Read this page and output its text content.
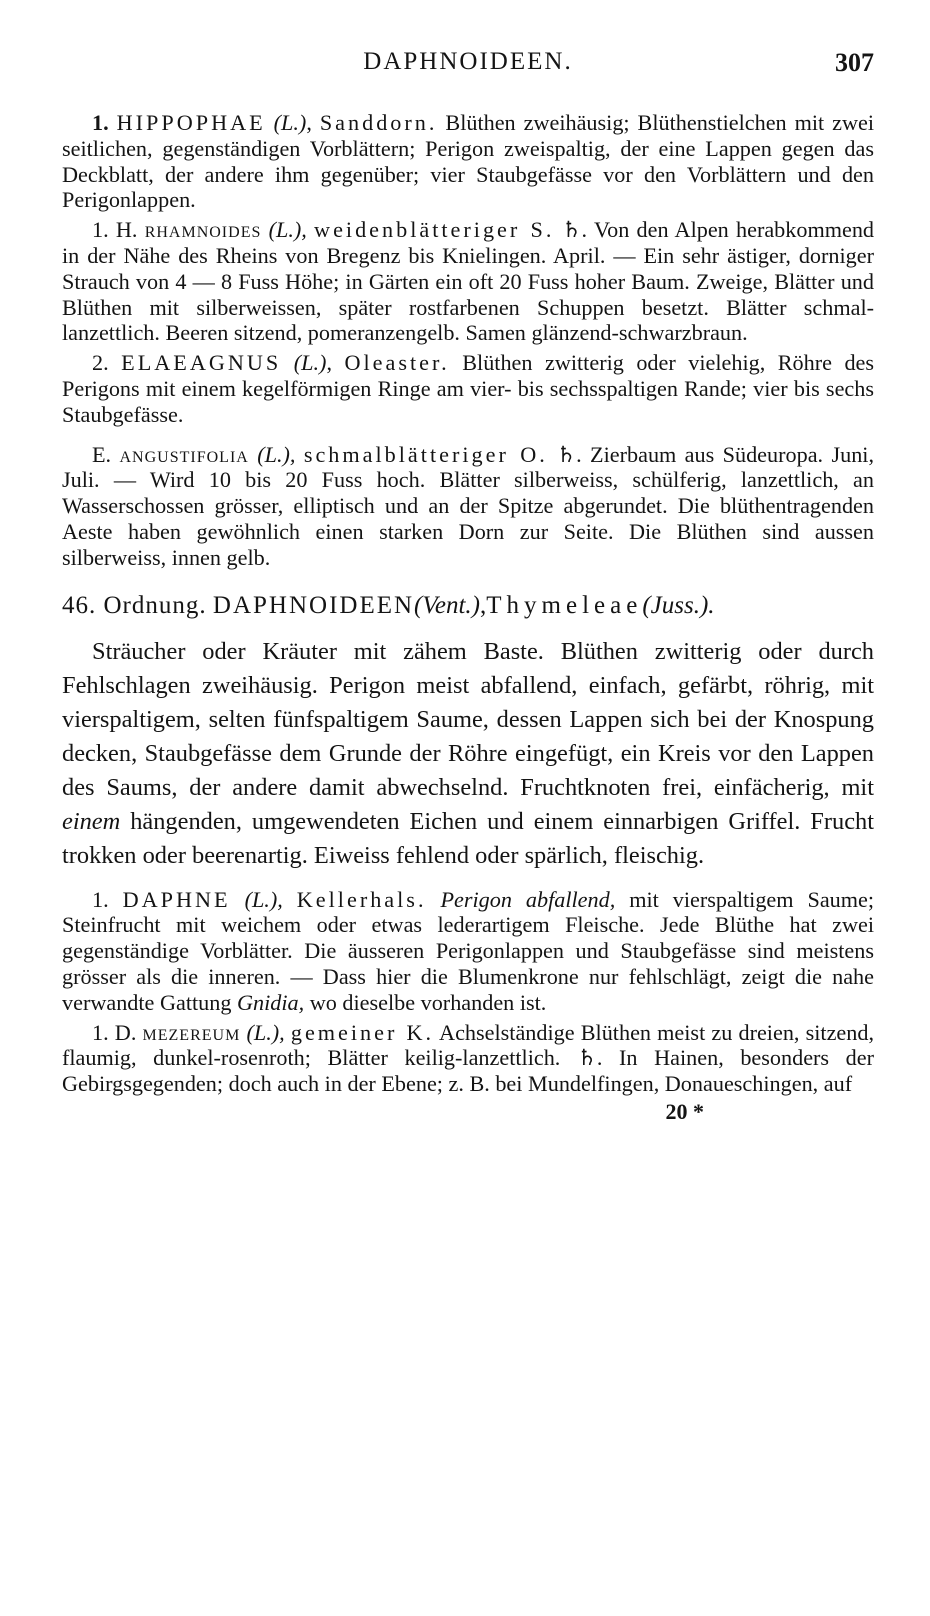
DAPHNOIDEEN.	307

1. HIPPOPHAE (L.), Sanddorn. Blüthen zweihäusig; Blüthenstielchen mit zwei seitlichen, gegenständigen Vorblättern; Perigon zweispaltig, der eine Lappen gegen das Deckblatt, der andere ihm gegenüber; vier Staubgefässe vor den Vorblättern und den Perigonlappen.

1. H. rhamnoides (L.), weidenblätteriger S. ♄. Von den Alpen herabkommend in der Nähe des Rheins von Bregenz bis Knielingen. April. — Ein sehr ästiger, dorniger Strauch von 4 — 8 Fuss Höhe; in Gärten ein oft 20 Fuss hoher Baum. Zweige, Blätter und Blüthen mit silberweissen, später rostfarbenen Schuppen besetzt. Blätter schmal-lanzettlich. Beeren sitzend, pomeranzengelb. Samen glänzend-schwarzbraun.

2. ELAEAGNUS (L.), Oleaster. Blüthen zwitterig oder vielehig, Röhre des Perigons mit einem kegelförmigen Ringe am vier- bis sechsspaltigen Rande; vier bis sechs Staubgefässe.

E. angustifolia (L.), schmalblätteriger O. ♄. Zierbaum aus Südeuropa. Juni, Juli. — Wird 10 bis 20 Fuss hoch. Blätter silberweiss, schülferig, lanzettlich, an Wasserschossen grösser, elliptisch und an der Spitze abgerundet. Die blüthentragenden Aeste haben gewöhnlich einen starken Dorn zur Seite. Die Blüthen sind aussen silberweiss, innen gelb.

46. Ordnung. DAPHNOIDEEN(Vent.),Thymeleae(Juss.).

Sträucher oder Kräuter mit zähem Baste. Blüthen zwitterig oder durch Fehlschlagen zweihäusig. Perigon meist abfallend, einfach, gefärbt, röhrig, mit vierspaltigem, selten fünfspaltigem Saume, dessen Lappen sich bei der Knospung decken, Staubgefässe dem Grunde der Röhre eingefügt, ein Kreis vor den Lappen des Saums, der andere damit abwechselnd. Fruchtknoten frei, einfächerig, mit einem hängenden, umgewendeten Eichen und einem einnarbigen Griffel. Frucht trokken oder beerenartig. Eiweiss fehlend oder spärlich, fleischig.

1. DAPHNE (L.), Kellerhals. Perigon abfallend, mit vierspaltigem Saume; Steinfrucht mit weichem oder etwas lederartigem Fleische. Jede Blüthe hat zwei gegenständige Vorblätter. Die äusseren Perigonlappen und Staubgefässe sind meistens grösser als die inneren. — Dass hier die Blumenkrone nur fehlschlägt, zeigt die nahe verwandte Gattung Gnidia, wo dieselbe vorhanden ist.

1. D. mezereum (L.), gemeiner K. Achselständige Blüthen meist zu dreien, sitzend, flaumig, dunkel-rosenroth; Blätter keilig-lanzettlich. ♄. In Hainen, besonders der Gebirgsgegenden; doch auch in der Ebene; z. B. bei Mundelfingen, Donaueschingen, auf

20 *
